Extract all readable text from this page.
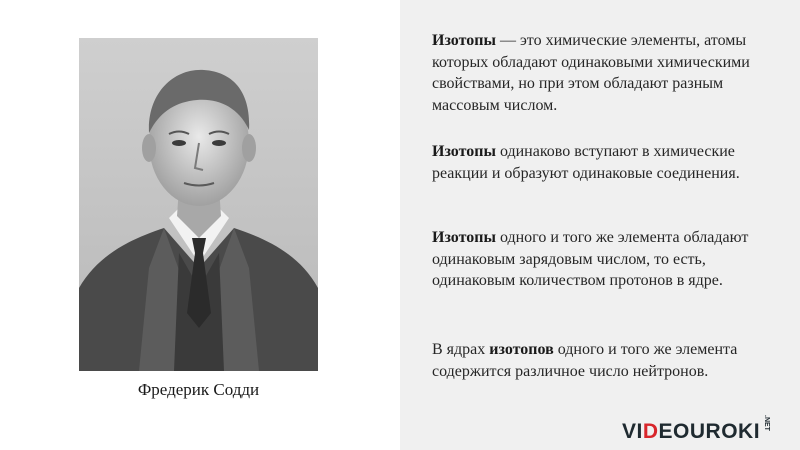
Фредерик Содди
Изотопы — это химические элементы, атомы которых обладают одинаковыми химическими свойствами, но при этом обладают разным массовым числом.
Изотопы одинаково вступают в химические реакции и образуют одинаковые соединения.
Изотопы одного и того же элемента обладают одинаковым зарядовым числом, то есть, одинаковым количеством протонов в ядре.
В ядрах изотопов одного и того же элемента содержится различное число нейтронов.
VIDEOUROKI .NET
